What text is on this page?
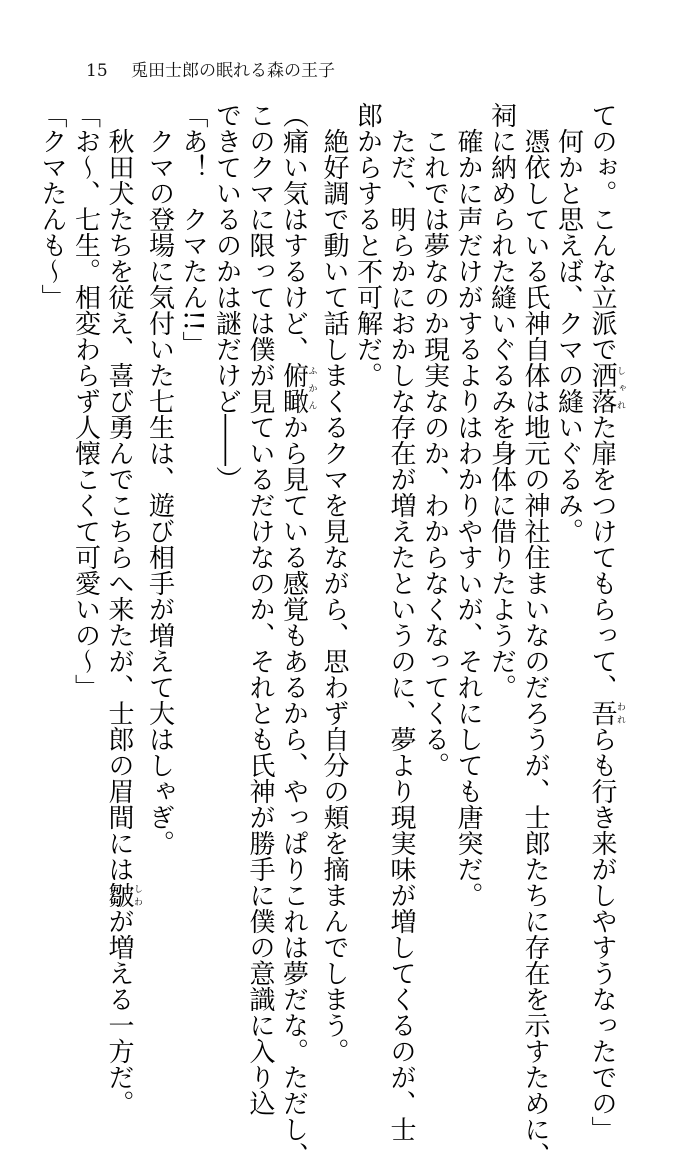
15 兎田士郎の眠れる森の王子
てのぉ。こんな立派で洒落しゃれた扉をつけてもらって、吾われらも行き来がしやすうなったでの」
　何かと思えば、クマの縫いぐるみ。
　憑依している氏神自体は地元の神社住まいなのだろうが、士郎たちに存在を示すために、
祠に納められた縫いぐるみを身体に借りたようだ。
　確かに声だけがするよりはわかりやすいが、それにしても唐突だ。
　これでは夢なのか現実なのか、わからなくなってくる。
　ただ、明らかにおかしな存在が増えたというのに、夢より現実味が増してくるのが、士
郎からすると不可解だ。
　絶好調で動いて話しまくるクマを見ながら、思わず自分の頬を摘まんでしまう。
（痛い気はするけど、俯瞰ふかんから見ている感覚もあるから、やっぱりこれは夢だな。ただし、
このクマに限っては僕が見ているだけなのか、それとも氏神が勝手に僕の意識に入り込
できているのかは謎だけど――）
「あ！　クマたん!!」
　クマの登場に気付いた七生は、遊び相手が増えて大はしゃぎ。
　秋田犬たちを従え、喜び勇んでこちらへ来たが、士郎の眉間には皺しわが増える一方だ。
「お～、七生。相変わらず人懐こくて可愛いの～」
「クマたんも～」
